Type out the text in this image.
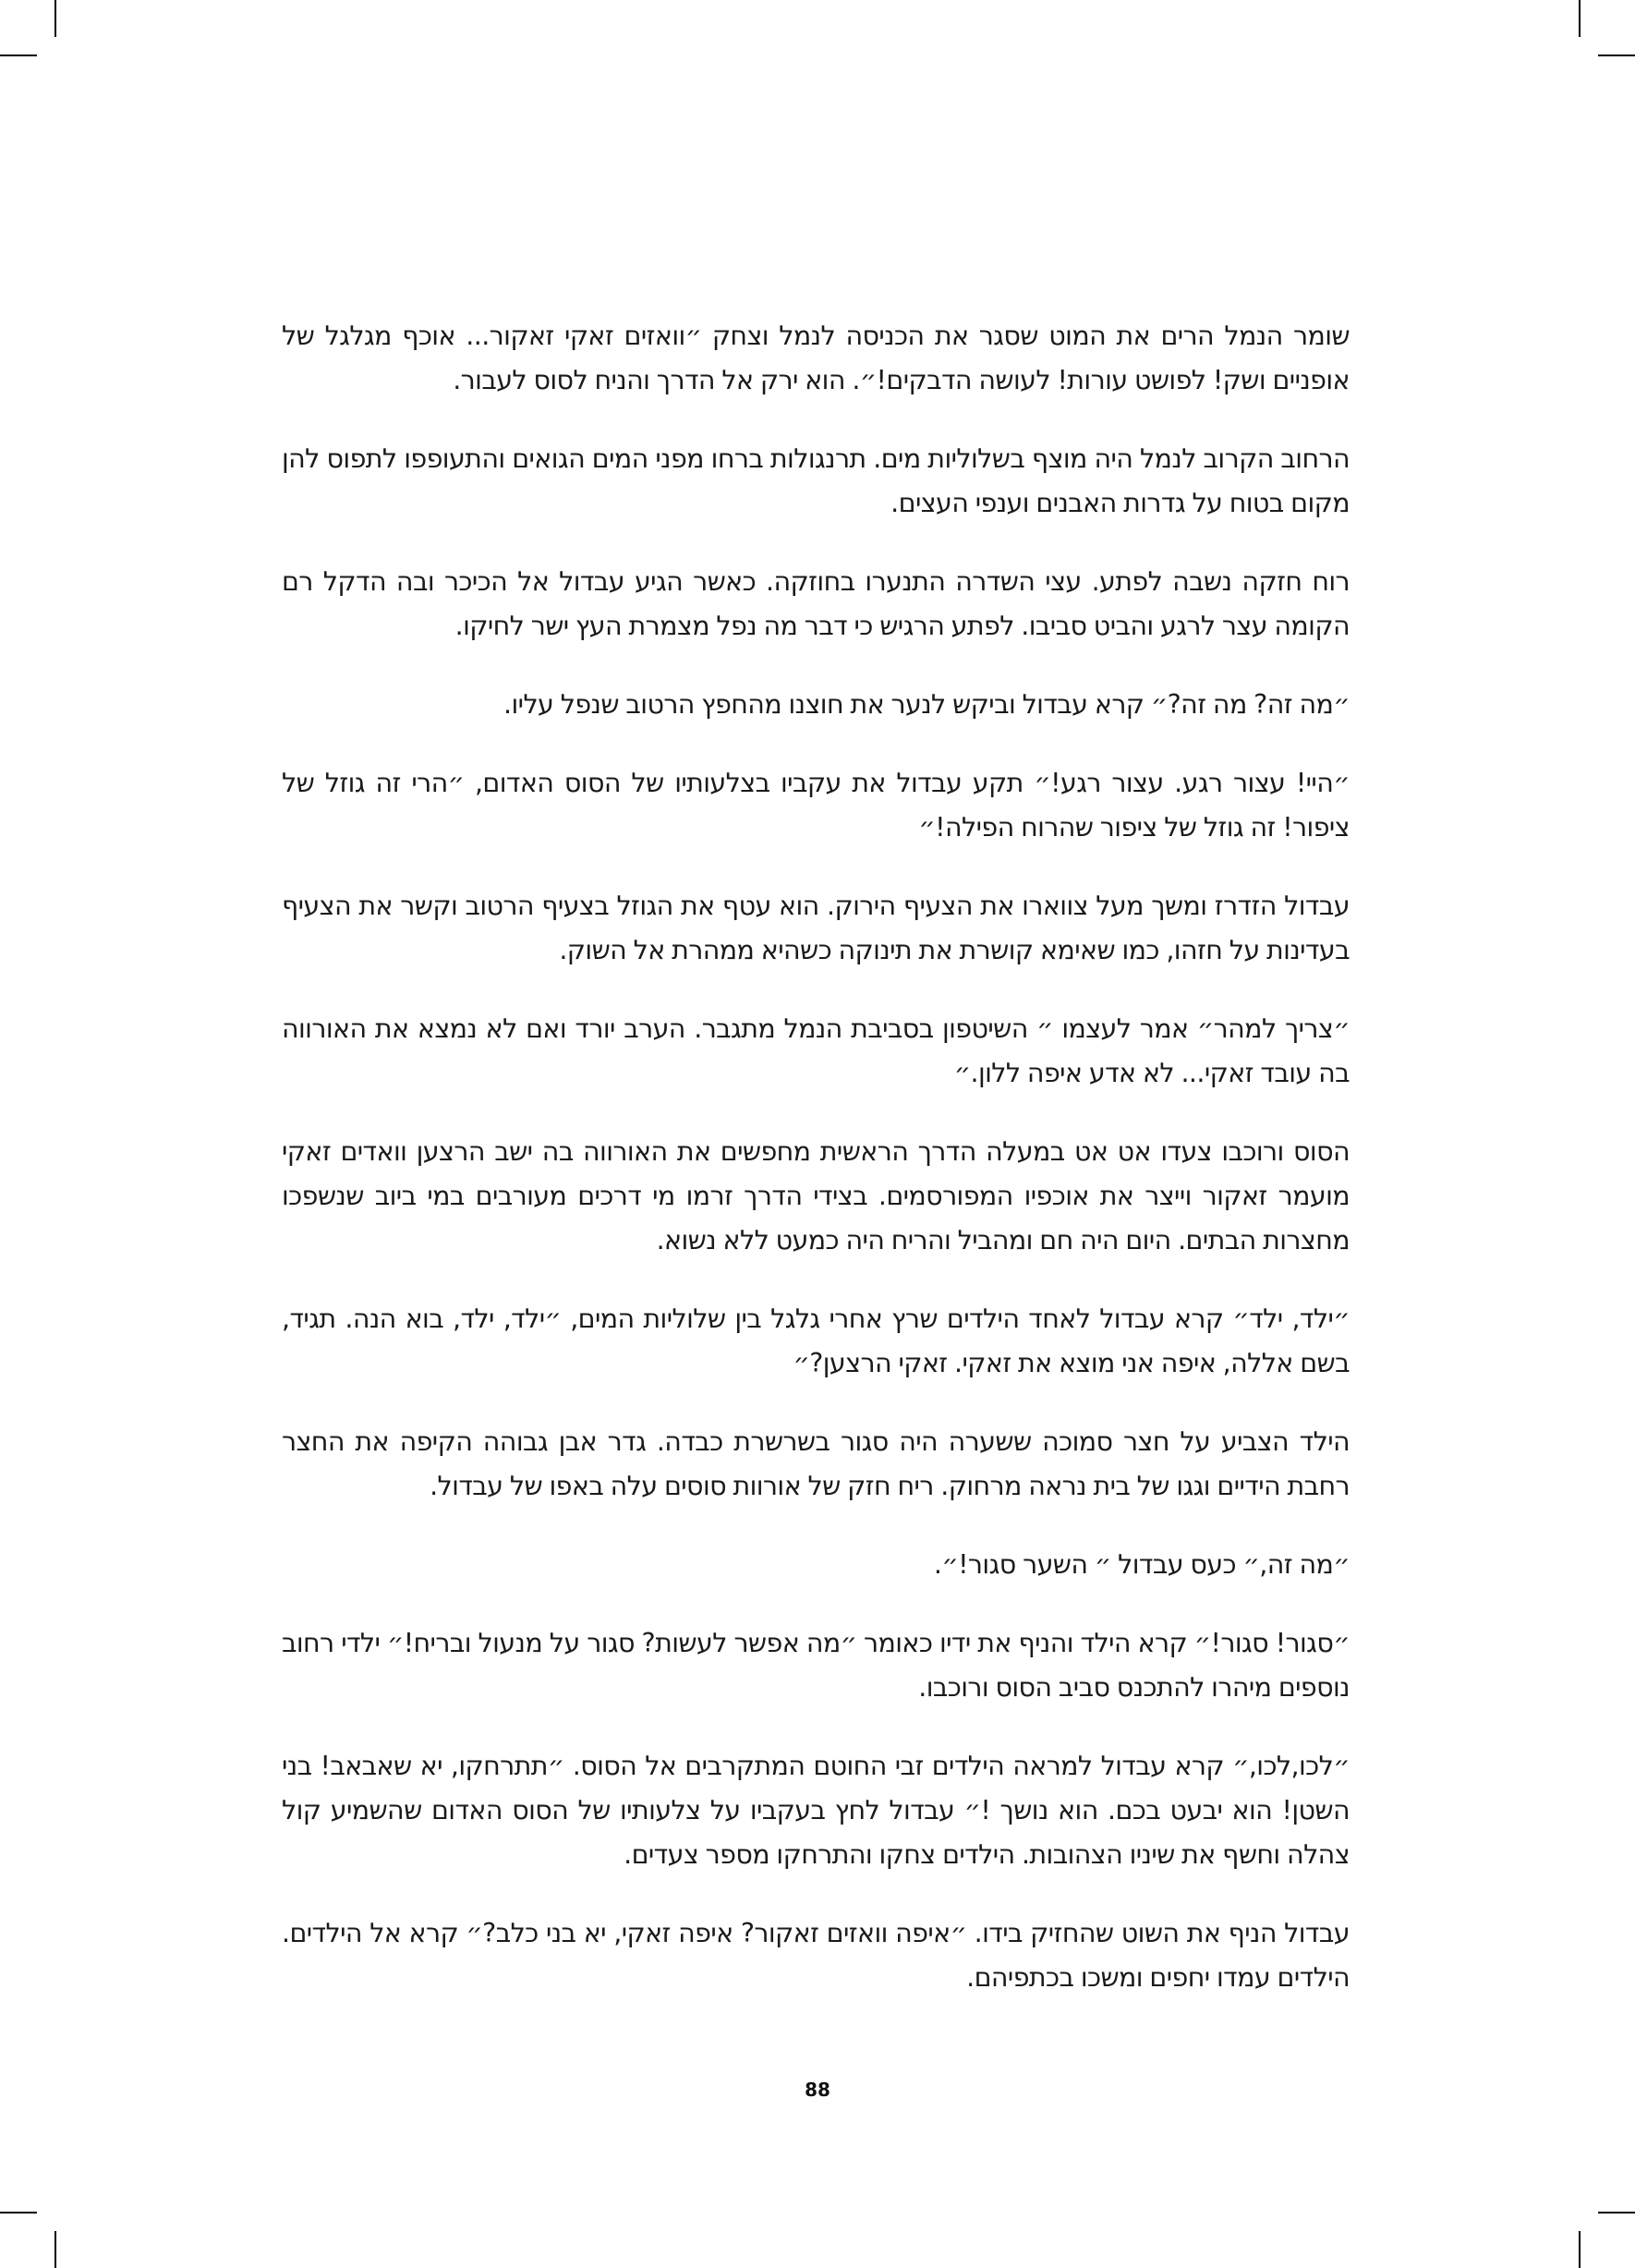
שומר הנמל הרים את המוט שסגר את הכניסה לנמל וצחק ״וואזים זאקי זאקור... אוכף מגלגל של אופניים ושק! לפושט עורות! לעושה הדבקים!״. הוא ירק אל הדרך והניח לסוס לעבור.

הרחוב הקרוב לנמל היה מוצף בשלוליות מים. תרנגולות ברחו מפני המים הגואים והתעופפו לתפוס להן מקום בטוח על גדרות האבנים וענפי העצים.

רוח חזקה נשבה לפתע. עצי השדרה התנערו בחוזקה. כאשר הגיע עבדול אל הכיכר ובה הדקל רם הקומה עצר לרגע והביט סביבו. לפתע הרגיש כי דבר מה נפל מצמרת העץ ישר לחיקו.

״מה זה? מה זה?״ קרא עבדול וביקש לנער את חוצנו מהחפץ הרטוב שנפל עליו.

״היי! עצור רגע. עצור רגע!״ תקע עבדול את עקביו בצלעותיו של הסוס האדום, ״הרי זה גוזל של ציפור! זה גוזל של ציפור שהרוח הפילה!״

עבדול הזדרז ומשך מעל צווארו את הצעיף הירוק. הוא עטף את הגוזל בצעיף הרטוב וקשר את הצעיף בעדינות על חזהו, כמו שאימא קושרת את תינוקה כשהיא ממהרת אל השוק.

״צריך למהר״ אמר לעצמו ״ השיטפון בסביבת הנמל מתגבר. הערב יורד ואם לא נמצא את האורווה בה עובד זאקי... לא אדע איפה ללון.״

הסוס ורוכבו צעדו אט אט במעלה הדרך הראשית מחפשים את האורווה בה ישב הרצען וואדים זאקי מועמר זאקור וייצר את אוכפיו המפורסמים. בצידי הדרך זרמו מי דרכים מעורבים במי ביוב שנשפכו מחצרות הבתים. היום היה חם ומהביל והריח היה כמעט ללא נשוא.

״ילד, ילד״ קרא עבדול לאחד הילדים שרץ אחרי גלגל בין שלוליות המים, ״ילד, ילד, בוא הנה. תגיד, בשם אללה, איפה אני מוצא את זאקי. זאקי הרצען?״

הילד הצביע על חצר סמוכה ששערה היה סגור בשרשרת כבדה. גדר אבן גבוהה הקיפה את החצר רחבת הידיים וגגו של בית נראה מרחוק. ריח חזק של אורוות סוסים עלה באפו של עבדול.

״מה זה,״ כעס עבדול ״ השער סגור!״.

״סגור! סגור!״ קרא הילד והניף את ידיו כאומר ״מה אפשר לעשות? סגור על מנעול ובריח!״ ילדי רחוב נוספים מיהרו להתכנס סביב הסוס ורוכבו.

״לכו,לכו,״ קרא עבדול למראה הילדים זבי החוטם המתקרבים אל הסוס. ״תתרחקו, יא שאבאב! בני השטן! הוא יבעט בכם. הוא נושך !״ עבדול לחץ בעקביו על צלעותיו של הסוס האדום שהשמיע קול צהלה וחשף את שיניו הצהובות. הילדים צחקו והתרחקו מספר צעדים.

עבדול הניף את השוט שהחזיק בידו. ״איפה וואזים זאקור? איפה זאקי, יא בני כלב?״ קרא אל הילדים. הילדים עמדו יחפים ומשכו בכתפיהם.

88
